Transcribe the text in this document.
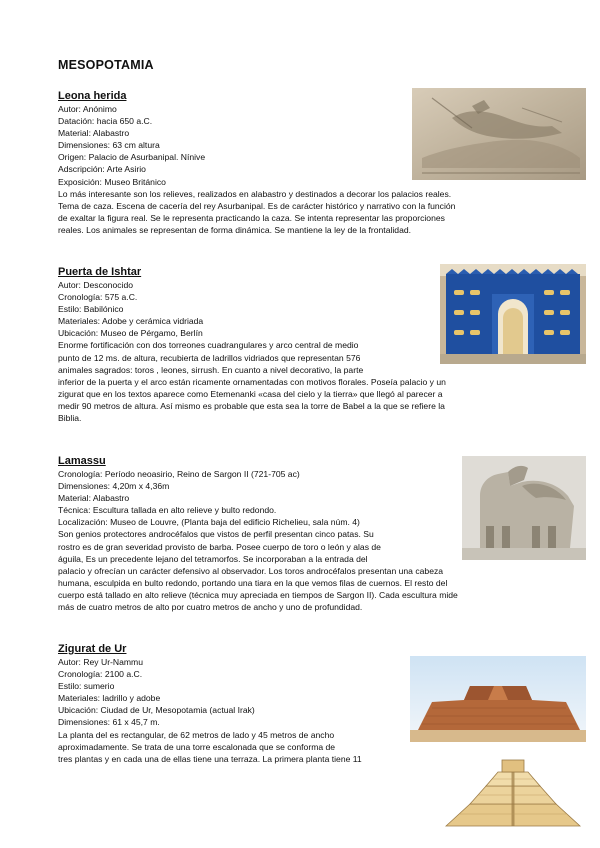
MESOPOTAMIA
Leona herida
Autor: Anónimo
Datación: hacia 650 a.C.
Material: Alabastro
Dimensiones: 63 cm altura
Origen: Palacio de Asurbanipal. Nínive
Adscripción: Arte Asirio
Exposición: Museo Británico
Lo más interesante son los relieves, realizados en alabastro y destinados a decorar los palacios reales.
Tema de caza. Escena de cacería del rey Asurbanipal. Es de carácter histórico y narrativo con la función
de exaltar la figura real. Se le representa practicando la caza. Se intenta representar las proporciones
reales. Los animales se representan de forma dinámica. Se mantiene la ley de la frontalidad.
Puerta de Ishtar
Autor: Desconocido
Cronología: 575 a.C.
Estilo: Babilónico
Materiales: Adobe y cerámica vidriada
Ubicación: Museo de Pérgamo, Berlín
Enorme fortificación con dos torreones cuadrangulares y arco central de medio
punto de 12 ms. de altura, recubierta de ladrillos vidriados que representan 576
animales sagrados: toros , leones, sirrush. En cuanto a nivel decorativo, la parte
inferior de la puerta y el arco están ricamente ornamentadas con motivos florales. Poseía palacio y un
zigurat que en los textos aparece como Etemenanki «casa del cielo y la tierra» que llegó al parecer a
medir 90 metros de altura. Así mismo es probable que esta sea la torre de Babel a la que se refiere la
Biblia.
Lamassu
Cronología: Período neoasirio, Reino de Sargon II (721-705 ac)
Dimensiones: 4,20m x 4,36m
Material: Alabastro
Técnica: Escultura tallada en alto relieve y bulto redondo.
Localización: Museo de Louvre, (Planta baja del edificio Richelieu, sala núm. 4)
Son genios protectores androcéfalos que vistos de perfil presentan cinco patas. Su
rostro es de gran severidad provisto de barba. Posee cuerpo de toro o león y alas de
águila, Es un precedente lejano del tetramorfos. Se incorporaban a la entrada del
palacio y ofrecían un carácter defensivo al observador. Los toros androcéfalos presentan una cabeza
humana, esculpida en bulto redondo, portando una tiara en la que vemos filas de cuernos. El resto del
cuerpo está tallado en alto relieve (técnica muy apreciada en tiempos de Sargon II). Cada escultura mide
más de cuatro metros de alto por cuatro metros de ancho y uno de profundidad.
Zigurat de Ur
Autor: Rey Ur-Nammu
Cronología: 2100 a.C.
Estilo: sumerio
Materiales: ladrillo y adobe
Ubicación: Ciudad de Ur, Mesopotamia (actual Irak)
Dimensiones: 61 x 45,7 m.
La planta del es rectangular, de 62 metros de lado y 45 metros de ancho
aproximadamente. Se trata de una torre escalonada que se conforma de
tres plantas y en cada una de ellas tiene una terraza. La primera planta tiene 11
